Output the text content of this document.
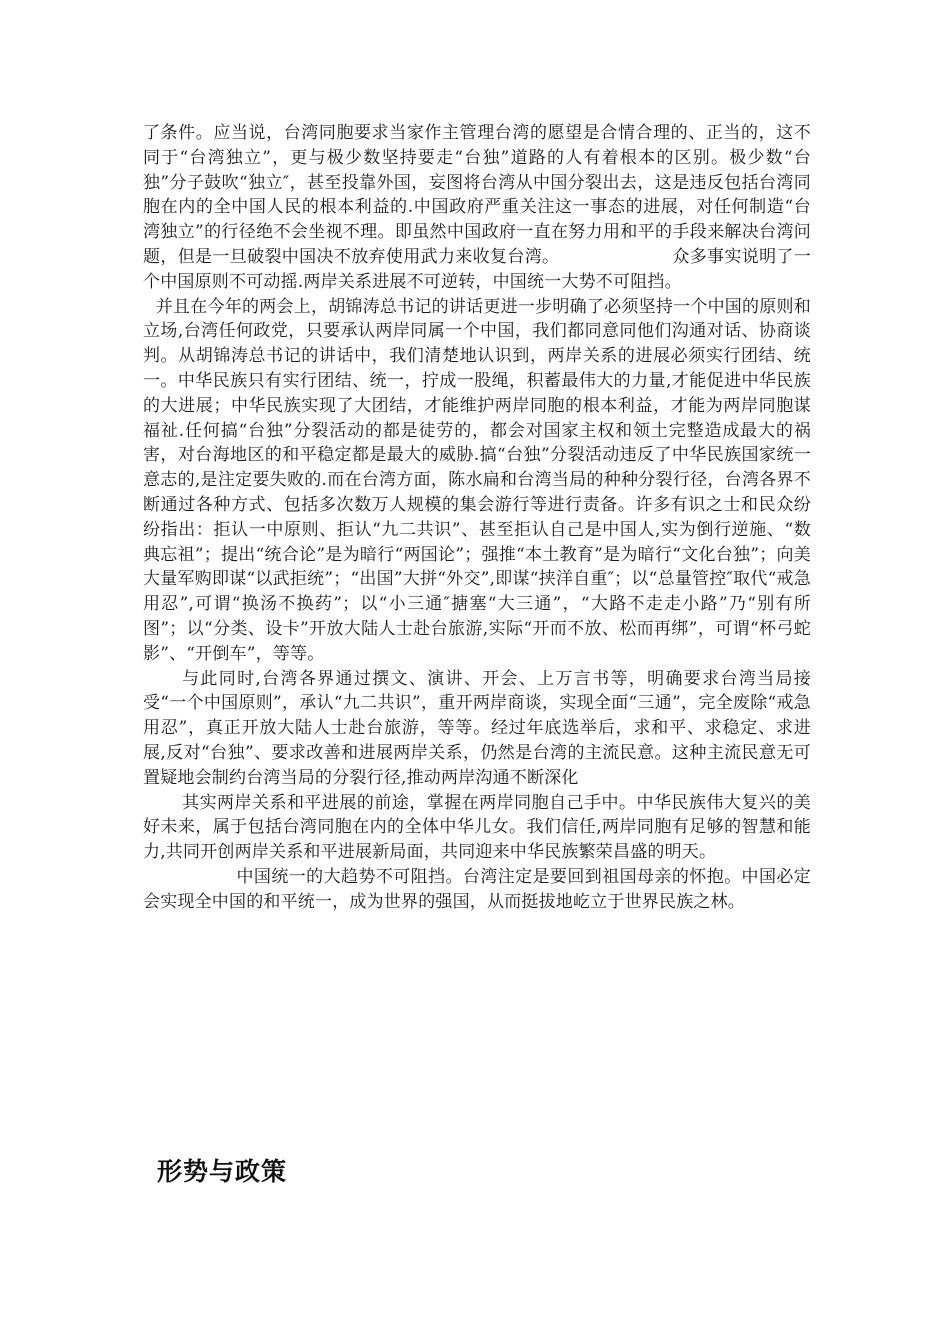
了条件。应当说，台湾同胞要求当家作主管理台湾的愿望是合情合理的、正当的，这不同于“台湾独立”，更与极少数坚持要走“台独”道路的人有着根本的区别。极少数“台独”分子鼓吹“独立″，甚至投靠外国，妄图将台湾从中国分裂出去，这是违反包括台湾同胞在内的全中国人民的根本利益的.中国政府严重关注这一事态的进展，对任何制造“台湾独立”的行径绝不会坐视不理。即虽然中国政府一直在努力用和平的手段来解决台湾问题，但是一旦破裂中国决不放弃使用武力来收复台湾。　　　　　　　众多事实说明了一个中国原则不可动摇.两岸关系进展不可逆转，中国统一大势不可阻挡。

并且在今年的两会上，胡锦涛总书记的讲话更进一步明确了必须坚持一个中国的原则和立场,台湾任何政党，只要承认两岸同属一个中国，我们都同意同他们沟通对话、协商谈判。从胡锦涛总书记的讲话中，我们清楚地认识到，两岸关系的进展必须实行团结、统一。中华民族只有实行团结、统一，拧成一股绳，积蓄最伟大的力量,才能促进中华民族的大进展；中华民族实现了大团结，才能维护两岸同胞的根本利益，才能为两岸同胞谋福祉.任何搞“台独”分裂活动的都是徒劳的，都会对国家主权和领土完整造成最大的祸害，对台海地区的和平稳定都是最大的威胁.搞“台独”分裂活动违反了中华民族国家统一意志的,是注定要失败的.而在台湾方面，陈水扁和台湾当局的种种分裂行径，台湾各界不断通过各种方式、包括多次数万人规模的集会游行等进行责备。许多有识之士和民众纷纷指出：拒认一中原则、拒认“九二共识”、甚至拒认自己是中国人,实为倒行逆施、“数典忘祖”；提出“统合论”是为暗行“两国论”；强推“本土教育”是为暗行“文化台独”；向美大量军购即谋“以武拒统”；“出国”大拼“外交”,即谋“挟洋自重″；以“总量管控″取代“戒急用忍”,可谓“换汤不换药”；以“小三通″搪塞“大三通”，“大路不走走小路”乃“别有所图”；以“分类、设卡”开放大陆人士赴台旅游,实际“开而不放、松而再绑”，可谓“杯弓蛇影”、“开倒车”，等等。

与此同时,台湾各界通过撰文、演讲、开会、上万言书等，明确要求台湾当局接受“一个中国原则”，承认“九二共识”，重开两岸商谈，实现全面“三通”，完全废除“戒急用忍”，真正开放大陆人士赴台旅游，等等。经过年底选举后，求和平、求稳定、求进展,反对“台独”、要求改善和进展两岸关系，仍然是台湾的主流民意。这种主流民意无可置疑地会制约台湾当局的分裂行径,推动两岸沟通不断深化

其实两岸关系和平进展的前途，掌握在两岸同胞自己手中。中华民族伟大复兴的美好未来，属于包括台湾同胞在内的全体中华儿女。我们信任,两岸同胞有足够的智慧和能力,共同开创两岸关系和平进展新局面，共同迎来中华民族繁荣昌盛的明天。

中国统一的大趋势不可阻挡。台湾注定是要回到祖国母亲的怀抱。中国必定会实现全中国的和平统一，成为世界的强国，从而挺拔地屹立于世界民族之林。

形势与政策
